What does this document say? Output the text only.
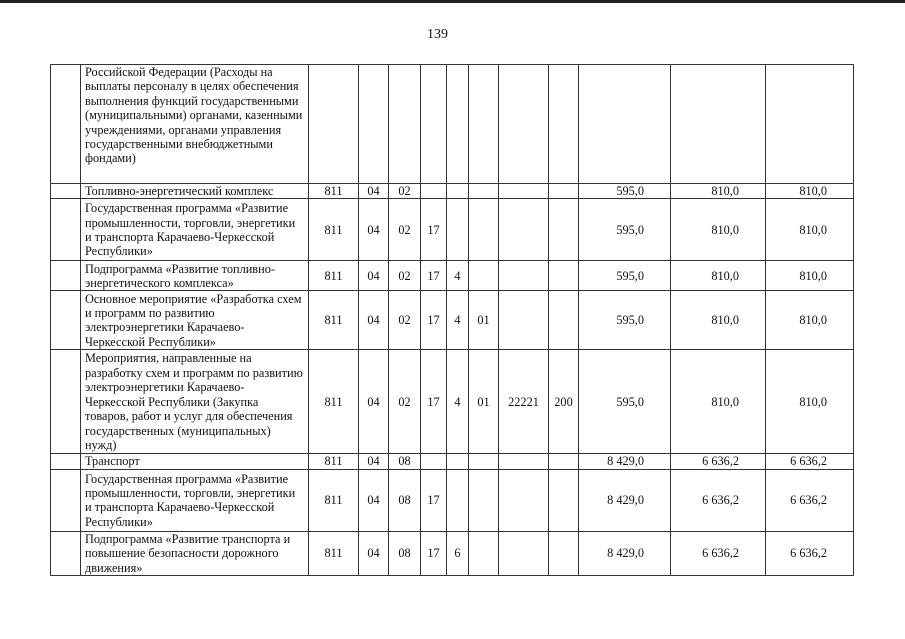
139
	Российской Федерации (Расходы на выплаты персоналу в целях обеспечения выполнения функций государственными (муниципальными) органами, казенными учреждениями, органами управления государственными внебюджетными фондами)											
	Топливно-энергетический комплекс	811	04	02						595,0	810,0	810,0
	Государственная программа «Развитие промышленности, торговли, энергетики и транспорта Карачаево-Черкесской Республики»	811	04	02	17					595,0	810,0	810,0
	Подпрограмма «Развитие топливно-энергетического комплекса»	811	04	02	17	4				595,0	810,0	810,0
	Основное мероприятие «Разработка схем и программ по развитию электроэнергетики Карачаево-Черкесской Республики»	811	04	02	17	4	01			595,0	810,0	810,0
	Мероприятия, направленные на разработку схем и программ по развитию электроэнергетики Карачаево-Черкесской Республики (Закупка товаров, работ и услуг для обеспечения государственных (муниципальных) нужд)	811	04	02	17	4	01	22221	200	595,0	810,0	810,0
	Транспорт	811	04	08						8 429,0	6 636,2	6 636,2
	Государственная программа «Развитие промышленности, торговли, энергетики и транспорта Карачаево-Черкесской Республики»	811	04	08	17					8 429,0	6 636,2	6 636,2
	Подпрограмма «Развитие транспорта и повышение безопасности дорожного движения»	811	04	08	17	6				8 429,0	6 636,2	6 636,2
